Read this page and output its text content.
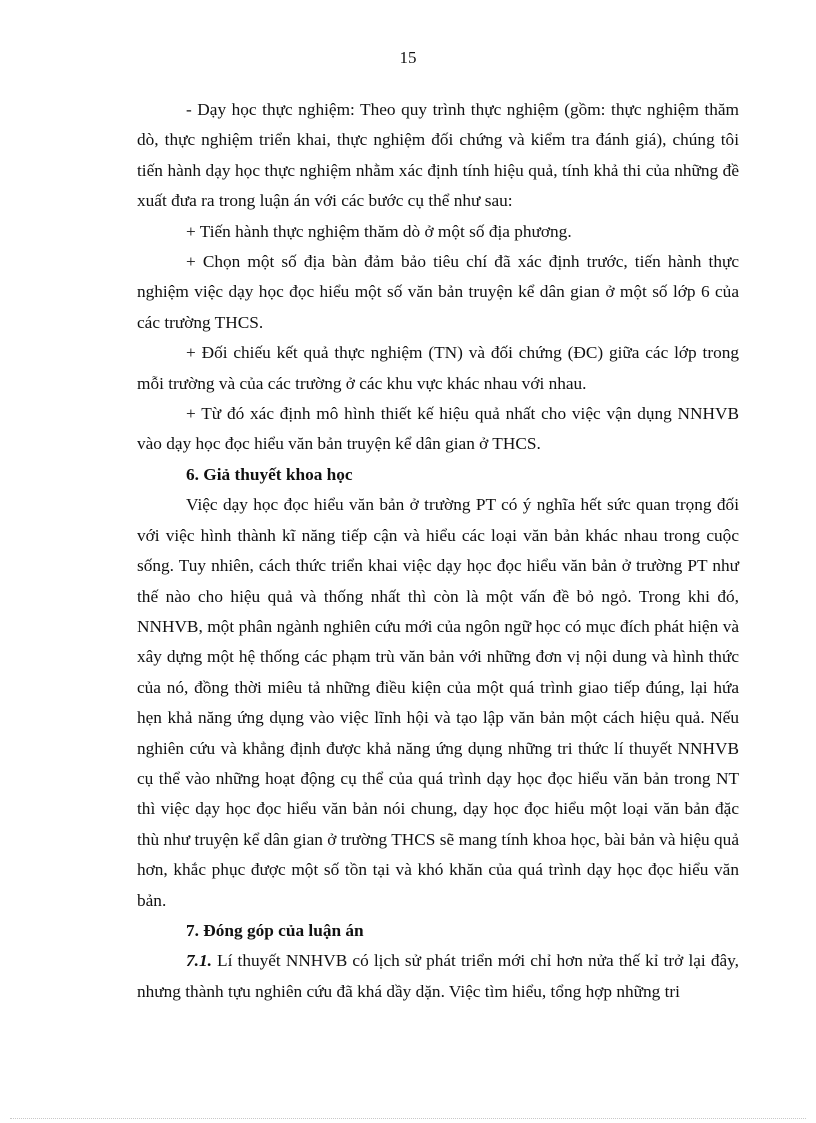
15

- Dạy học thực nghiệm: Theo quy trình thực nghiệm (gồm: thực nghiệm thăm dò, thực nghiệm triển khai, thực nghiệm đối chứng và kiểm tra đánh giá), chúng tôi tiến hành dạy học thực nghiệm nhằm xác định tính hiệu quả, tính khả thi của những đề xuất đưa ra trong luận án với các bước cụ thể như sau:

+ Tiến hành thực nghiệm thăm dò ở một số địa phương.

+ Chọn một số địa bàn đảm bảo tiêu chí đã xác định trước, tiến hành thực nghiệm việc dạy học đọc hiểu một số văn bản truyện kể dân gian ở một số lớp 6 của các trường THCS.

+ Đối chiếu kết quả thực nghiệm (TN) và đối chứng (ĐC) giữa các lớp trong mỗi trường và của các trường ở các khu vực khác nhau với nhau.

+ Từ đó xác định mô hình thiết kế hiệu quả nhất cho việc vận dụng NNHVB vào dạy học đọc hiểu văn bản truyện kể dân gian ở THCS.

6. Giả thuyết khoa học

Việc dạy học đọc hiểu văn bản ở trường PT có ý nghĩa hết sức quan trọng đối với việc hình thành kĩ năng tiếp cận và hiểu các loại văn bản khác nhau trong cuộc sống. Tuy nhiên, cách thức triển khai việc dạy học đọc hiểu văn bản ở trường PT như thế nào cho hiệu quả và thống nhất thì còn là một vấn đề bỏ ngỏ. Trong khi đó, NNHVB, một phân ngành nghiên cứu mới của ngôn ngữ học có mục đích phát hiện và xây dựng một hệ thống các phạm trù văn bản với những đơn vị nội dung và hình thức của nó, đồng thời miêu tả những điều kiện của một quá trình giao tiếp đúng, lại hứa hẹn khả năng ứng dụng vào việc lĩnh hội và tạo lập văn bản một cách hiệu quả. Nếu nghiên cứu và khẳng định được khả năng ứng dụng những tri thức lí thuyết NNHVB cụ thể vào những hoạt động cụ thể của quá trình dạy học đọc hiểu văn bản trong NT thì việc dạy học đọc hiểu văn bản nói chung, dạy học đọc hiểu một loại văn bản đặc thù như truyện kể dân gian ở trường THCS sẽ mang tính khoa học, bài bản và hiệu quả hơn, khắc phục được một số tồn tại và khó khăn của quá trình dạy học đọc hiểu văn bản.

7. Đóng góp của luận án

7.1. Lí thuyết NNHVB có lịch sử phát triển mới chỉ hơn nửa thế kỉ trở lại đây, nhưng thành tựu nghiên cứu đã khá dầy dặn. Việc tìm hiểu, tổng hợp những tri
